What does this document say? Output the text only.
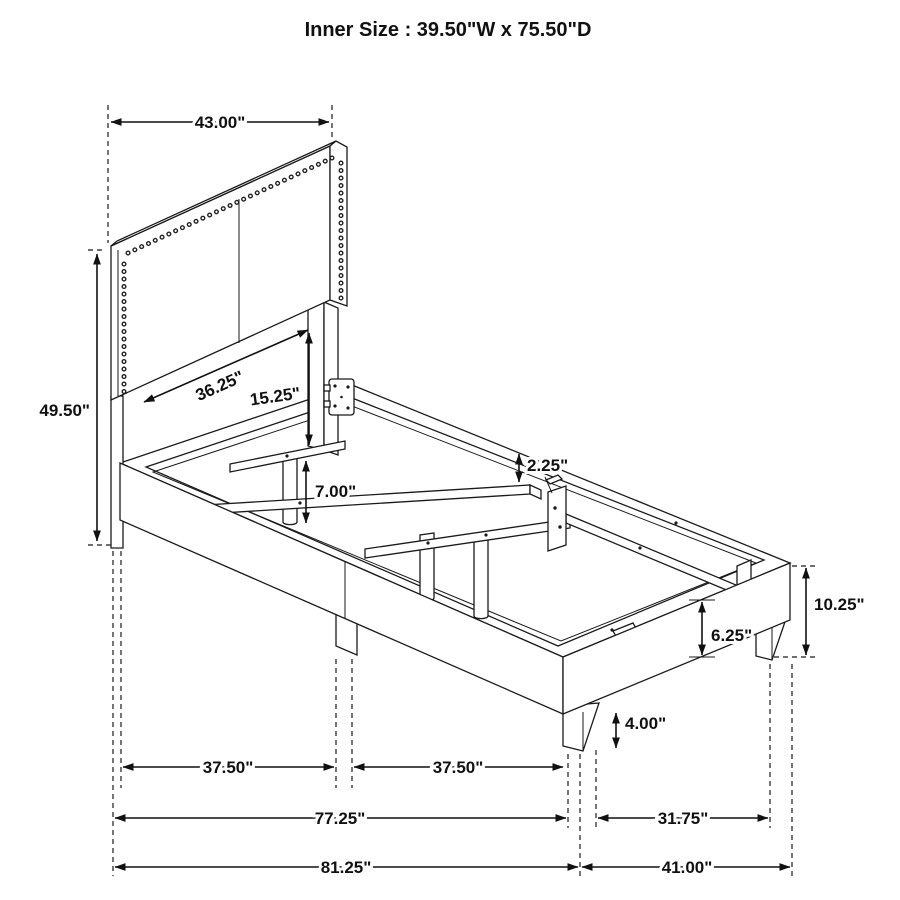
Inner Size : 39.50"W x 75.50"D
43.00"
49.50"
36.25" 15.25"
7.00"
2.25"
10.25"
6.25"
4.00"
37.50"	37.50"
77.25"	31.75"
81.25"	41.00"
